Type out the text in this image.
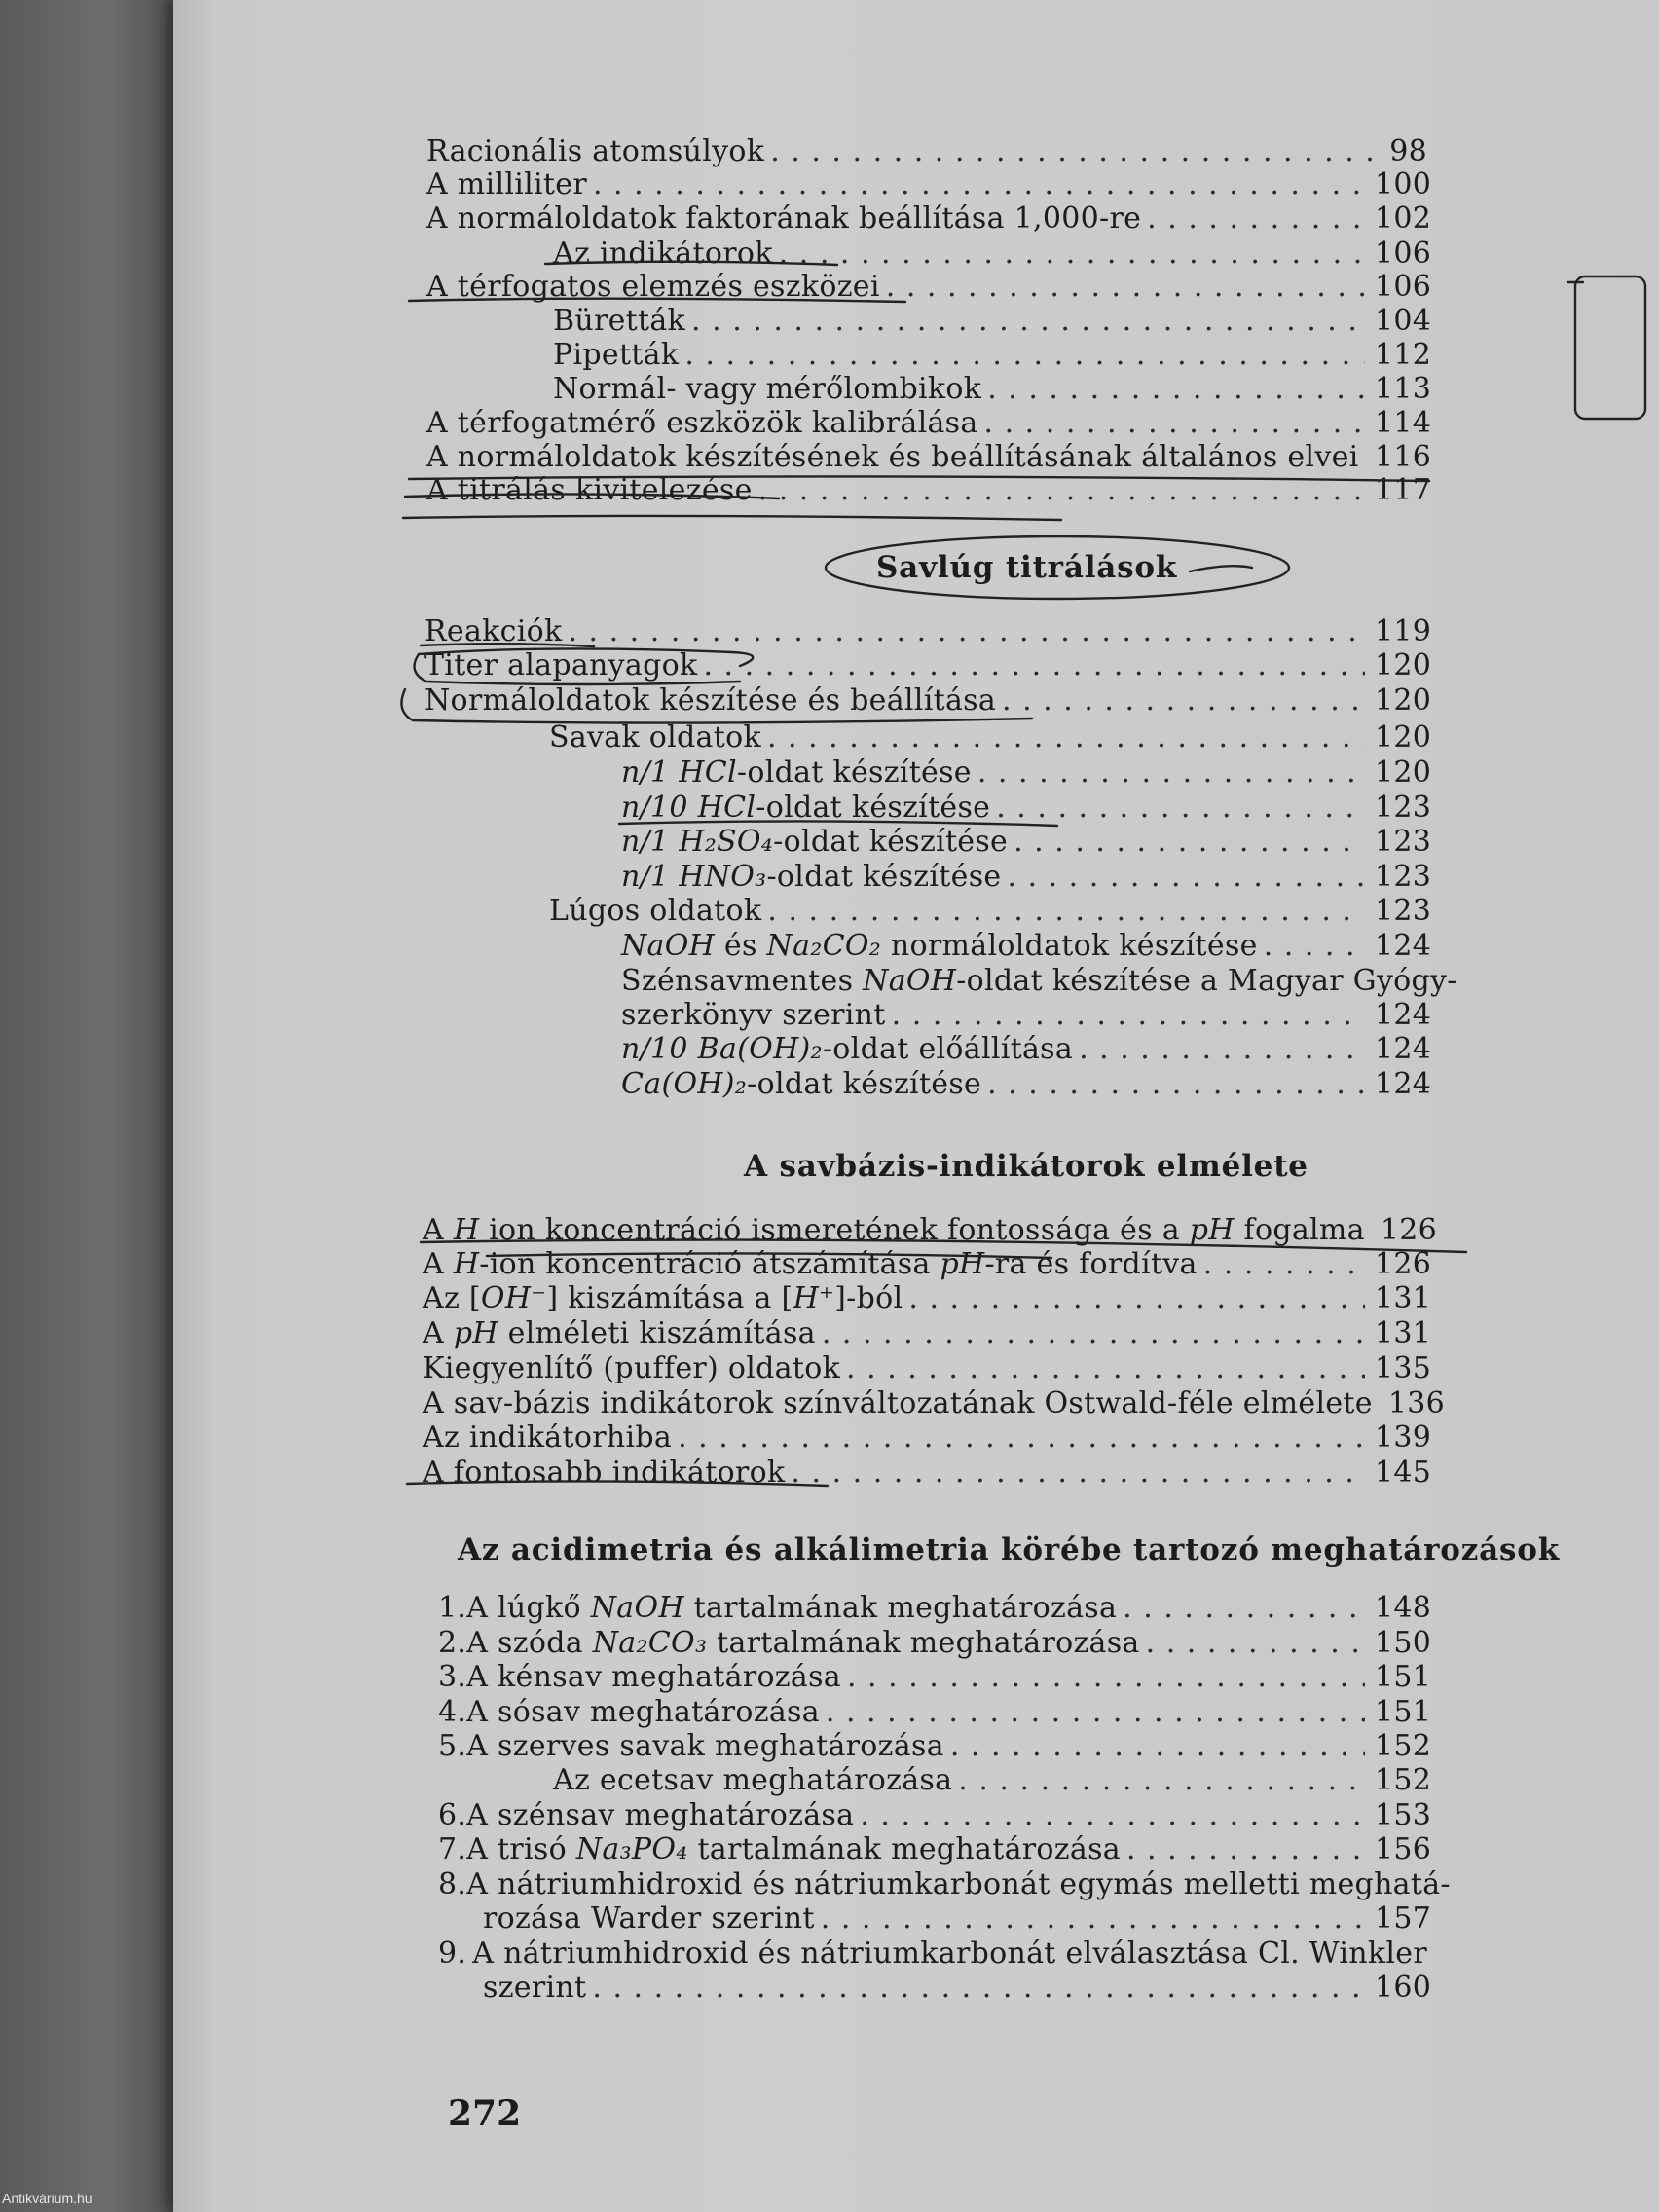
Racionális atomsúlyok . . .	98
A milliliter . . .	100
A normáloldatok faktorának beállítása 1,000-re . . .	102
Az indikátorok . . .	106
A térfogatos elemzés eszközei . . .	106
Büretták . . .	104
Pipetták . . .	112
Normál- vagy mérőlombikok . . .	113
A térfogatmérő eszközök kalibrálása . . .	114
A normáloldatok készítésének és beállításának általános elvei . . . 116
A titrálás kivitelezése . . .	117
Savlúg titrálások
Reakciók . . .	119
Titer alapanyagok . . .	120
Normáloldatok készítése és beállítása . . .	120
Savak oldatok . . .	120
n/1 HCl-oldat készítése . . .	120
n/10 HCl-oldat készítése . . .	123
n/1 H₂SO₄-oldat készítése . . .	123
n/1 HNO₃-oldat készítése . . .	123
Lúgos oldatok . . .	123
NaOH és Na₂CO₂ normáloldatok készítése . . .	124
Szénsavmentes NaOH-oldat készítése a Magyar Gyógy-
szerkönyv szerint . . .	124
n/10 Ba(OH)₂-oldat előállítása . . .	124
Ca(OH)₂-oldat készítése . . .	124
A savbázis-indikátorok elmélete
A H ion koncentráció ismeretének fontossága és a pH fogalma 126
A H-ion koncentráció átszámítása pH-ra és fordítva . . .	126
Az [OH⁻] kiszámítása a [H⁺]-ból . . .	131
A pH elméleti kiszámítása . . .	131
Kiegyenlítő (puffer) oldatok . . .	135
A sav-bázis indikátorok színváltozatának Ostwald-féle elmélete 136
Az indikátorhiba . . .	139
A fontosabb indikátorok . . .	145
Az acidimetria és alkálimetria körébe tartozó meghatározások
1. A lúgkő NaOH tartalmának meghatározása . . .	148
2. A szóda Na₂CO₃ tartalmának meghatározása . . .	150
3. A kénsav meghatározása . . .	151
4. A sósav meghatározása . . .	151
5. A szerves savak meghatározása . . .	152
Az ecetsav meghatározása . . .	152
6. A szénsav meghatározása . . .	153
7. A trisó Na₃PO₄ tartalmának meghatározása . . .	156
8. A nátriumhidroxid és nátriumkarbonát egymás melletti meghatá-
rozása Warder szerint . . .	157
9. A nátriumhidroxid és nátriumkarbonát elválasztása Cl. Winkler
szerint . . .	160
272
Antikvárium.hu
